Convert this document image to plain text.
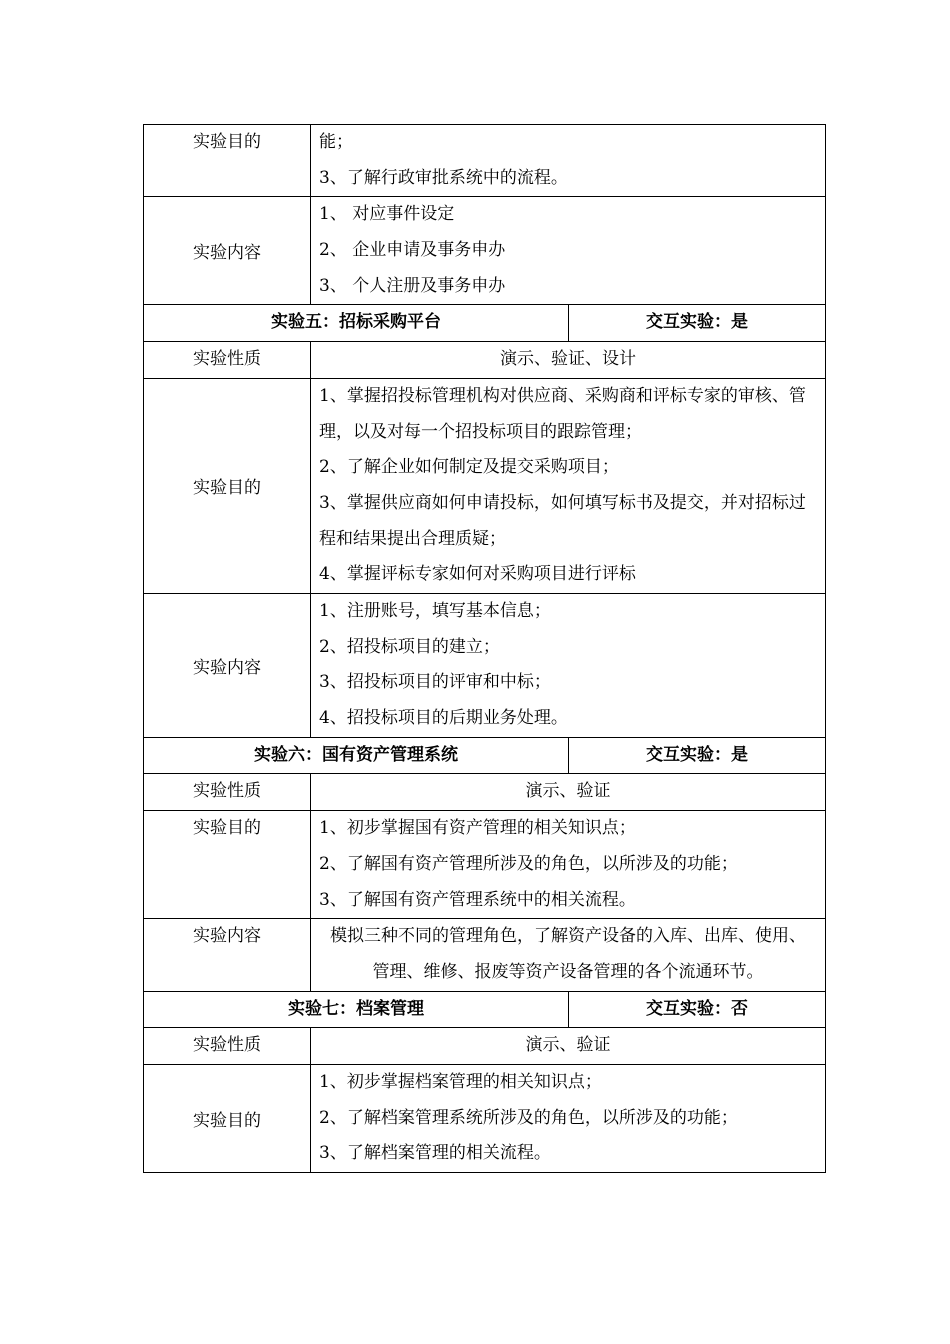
实验目的	能；
3、了解行政审批系统中的流程。	

实验内容	1、 对应事件设定
2、 企业申请及事务申办
3、 个人注册及事务申办	

实验五：招标采购平台		交互实验：是
实验性质	演示、验证、设计	
实验目的	1、掌握招投标管理机构对供应商、采购商和评标专家的审核、管理，以及对每一个招投标项目的跟踪管理；
2、了解企业如何制定及提交采购项目；
3、掌握供应商如何申请投标，如何填写标书及提交，并对招标过程和结果提出合理质疑；
4、掌握评标专家如何对采购项目进行评标	

实验内容	1、注册账号，填写基本信息；
2、招投标项目的建立；
3、招投标项目的评审和中标；
4、招投标项目的后期业务处理。	

实验六：国有资产管理系统		交互实验：是
实验性质	演示、验证	

实验目的	1、初步掌握国有资产管理的相关知识点；
2、了解国有资产管理所涉及的角色，以所涉及的功能；
3、了解国有资产管理系统中的相关流程。	

实验内容	模拟三种不同的管理角色，了解资产设备的入库、出库、使用、管理、维修、报废等资产设备管理的各个流通环节。	

实验七：档案管理		交互实验：否
实验性质	演示、验证	
实验目的	1、初步掌握档案管理的相关知识点；
2、了解档案管理系统所涉及的角色，以所涉及的功能；
3、了解档案管理的相关流程。	
